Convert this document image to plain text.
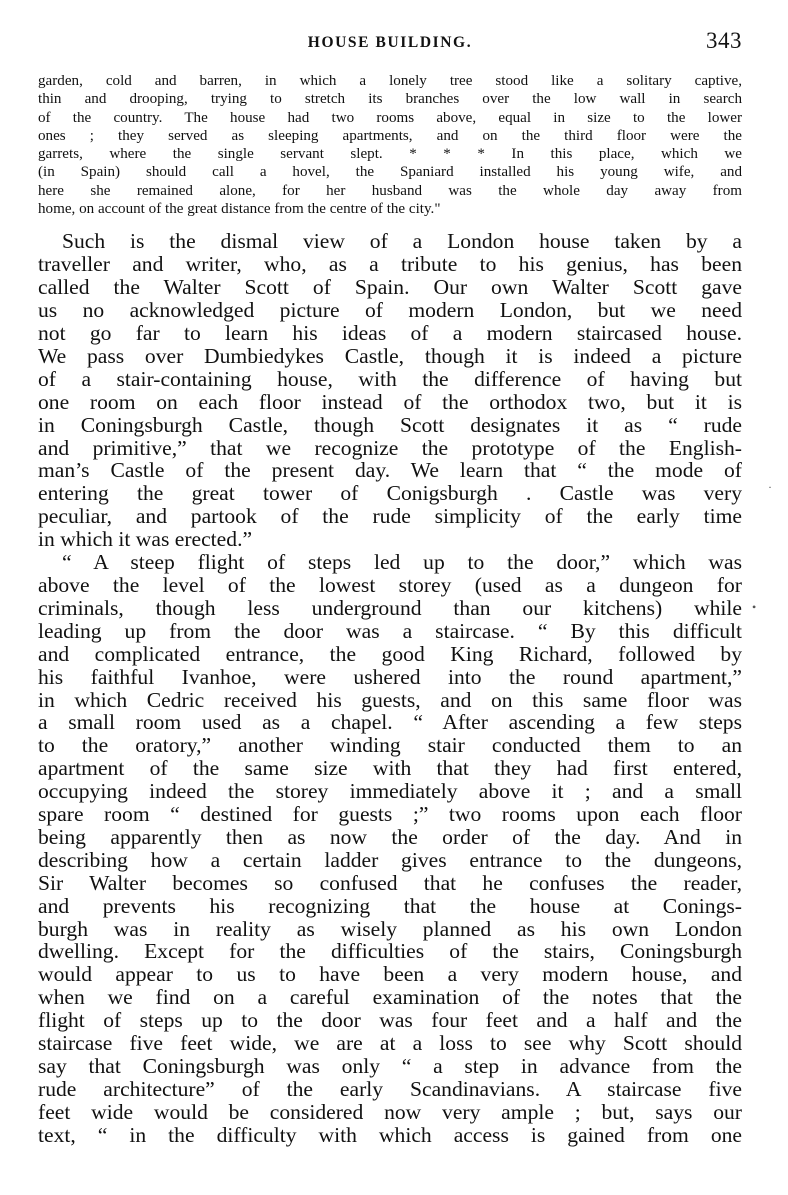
HOUSE BUILDING.	343
garden, cold and barren, in which a lonely tree stood like a solitary captive,
thin and drooping, trying to stretch its branches over the low wall in search
of the country. The house had two rooms above, equal in size to the lower
ones ; they served as sleeping apartments, and on the third floor were the
garrets, where the single servant slept. * * * In this place, which we
(in Spain) should call a hovel, the Spaniard installed his young wife, and
here she remained alone, for her husband was the whole day away from
home, on account of the great distance from the centre of the city."
Such is the dismal view of a London house taken by a
traveller and writer, who, as a tribute to his genius, has been
called the Walter Scott of Spain. Our own Walter Scott gave
us no acknowledged picture of modern London, but we need
not go far to learn his ideas of a modern staircased house.
We pass over Dumbiedykes Castle, though it is indeed a picture
of a stair-containing house, with the difference of having but
one room on each floor instead of the orthodox two, but it is
in Coningsburgh Castle, though Scott designates it as “ rude
and primitive,” that we recognize the prototype of the English-
man’s Castle of the present day. We learn that “ the mode of
entering the great tower of Conigsburgh . Castle was very
peculiar, and partook of the rude simplicity of the early time
in which it was erected.”
“ A steep flight of steps led up to the door,” which was
above the level of the lowest storey (used as a dungeon for
criminals, though less underground than our kitchens) while
leading up from the door was a staircase. “ By this difficult
and complicated entrance, the good King Richard, followed by
his faithful Ivanhoe, were ushered into the round apartment,”
in which Cedric received his guests, and on this same floor was
a small room used as a chapel. “ After ascending a few steps
to the oratory,” another winding stair conducted them to an
apartment of the same size with that they had first entered,
occupying indeed the storey immediately above it ; and a small
spare room “ destined for guests ;” two rooms upon each floor
being apparently then as now the order of the day. And in
describing how a certain ladder gives entrance to the dungeons,
Sir Walter becomes so confused that he confuses the reader,
and prevents his recognizing that the house at Conings-
burgh was in reality as wisely planned as his own London
dwelling. Except for the difficulties of the stairs, Coningsburgh
would appear to us to have been a very modern house, and
when we find on a careful examination of the notes that the
flight of steps up to the door was four feet and a half and the
staircase five feet wide, we are at a loss to see why Scott should
say that Coningsburgh was only “ a step in advance from the
rude architecture” of the early Scandinavians. A staircase five
feet wide would be considered now very ample ; but, says our
text, “ in the difficulty with which access is gained from one
•
·
